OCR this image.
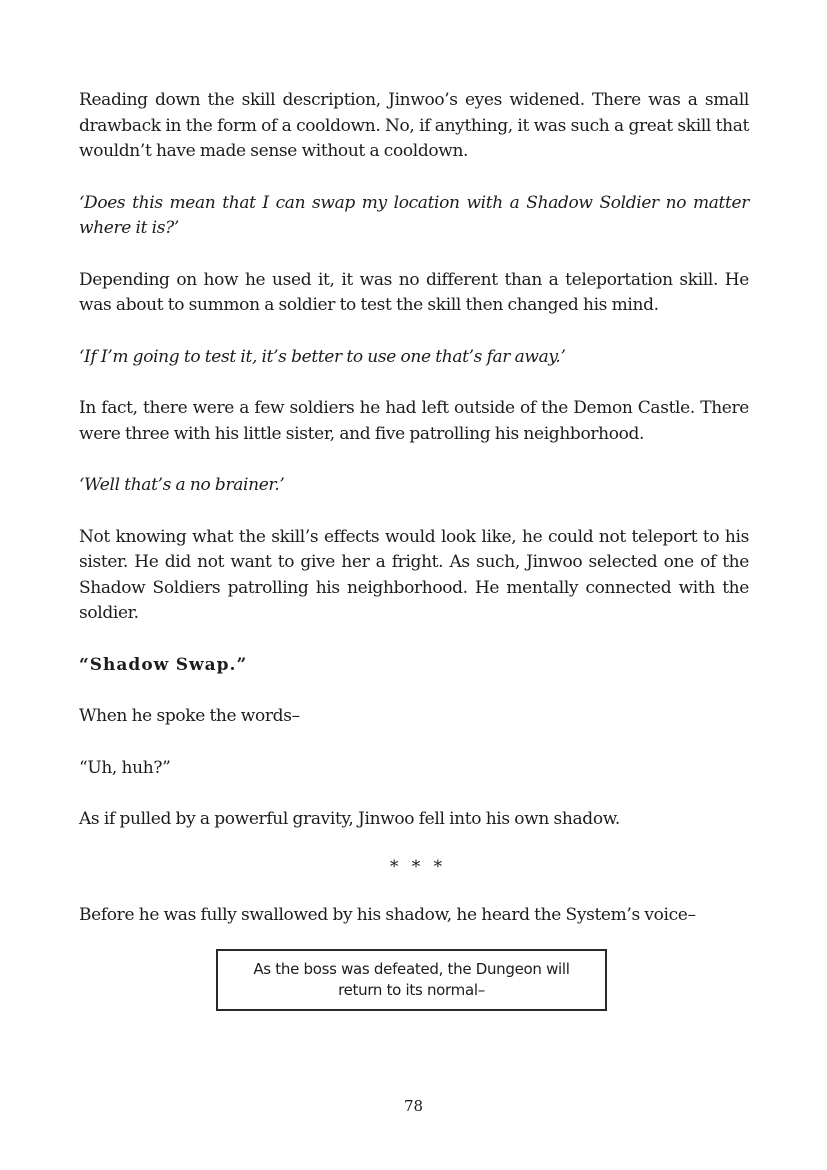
Reading down the skill description, Jinwoo’s eyes widened. There was a small drawback in the form of a cooldown. No, if anything, it was such a great skill that wouldn’t have made sense without a cooldown.

‘Does this mean that I can swap my location with a Shadow Soldier no matter where it is?’

Depending on how he used it, it was no different than a teleportation skill. He was about to summon a soldier to test the skill then changed his mind.

‘If I’m going to test it, it’s better to use one that’s far away.’

In fact, there were a few soldiers he had left outside of the Demon Castle. There were three with his little sister, and five patrolling his neighborhood.

‘Well that’s a no brainer.’

Not knowing what the skill’s effects would look like, he could not teleport to his sister. He did not want to give her a fright. As such, Jinwoo selected one of the Shadow Soldiers patrolling his neighborhood. He mentally connected with the soldier.

“Shadow Swap.”

When he spoke the words–

“Uh, huh?”

As if pulled by a powerful gravity, Jinwoo fell into his own shadow.

* * *

Before he was fully swallowed by his shadow, he heard the System’s voice–

As the boss was defeated, the Dungeon will return to its normal–
78
